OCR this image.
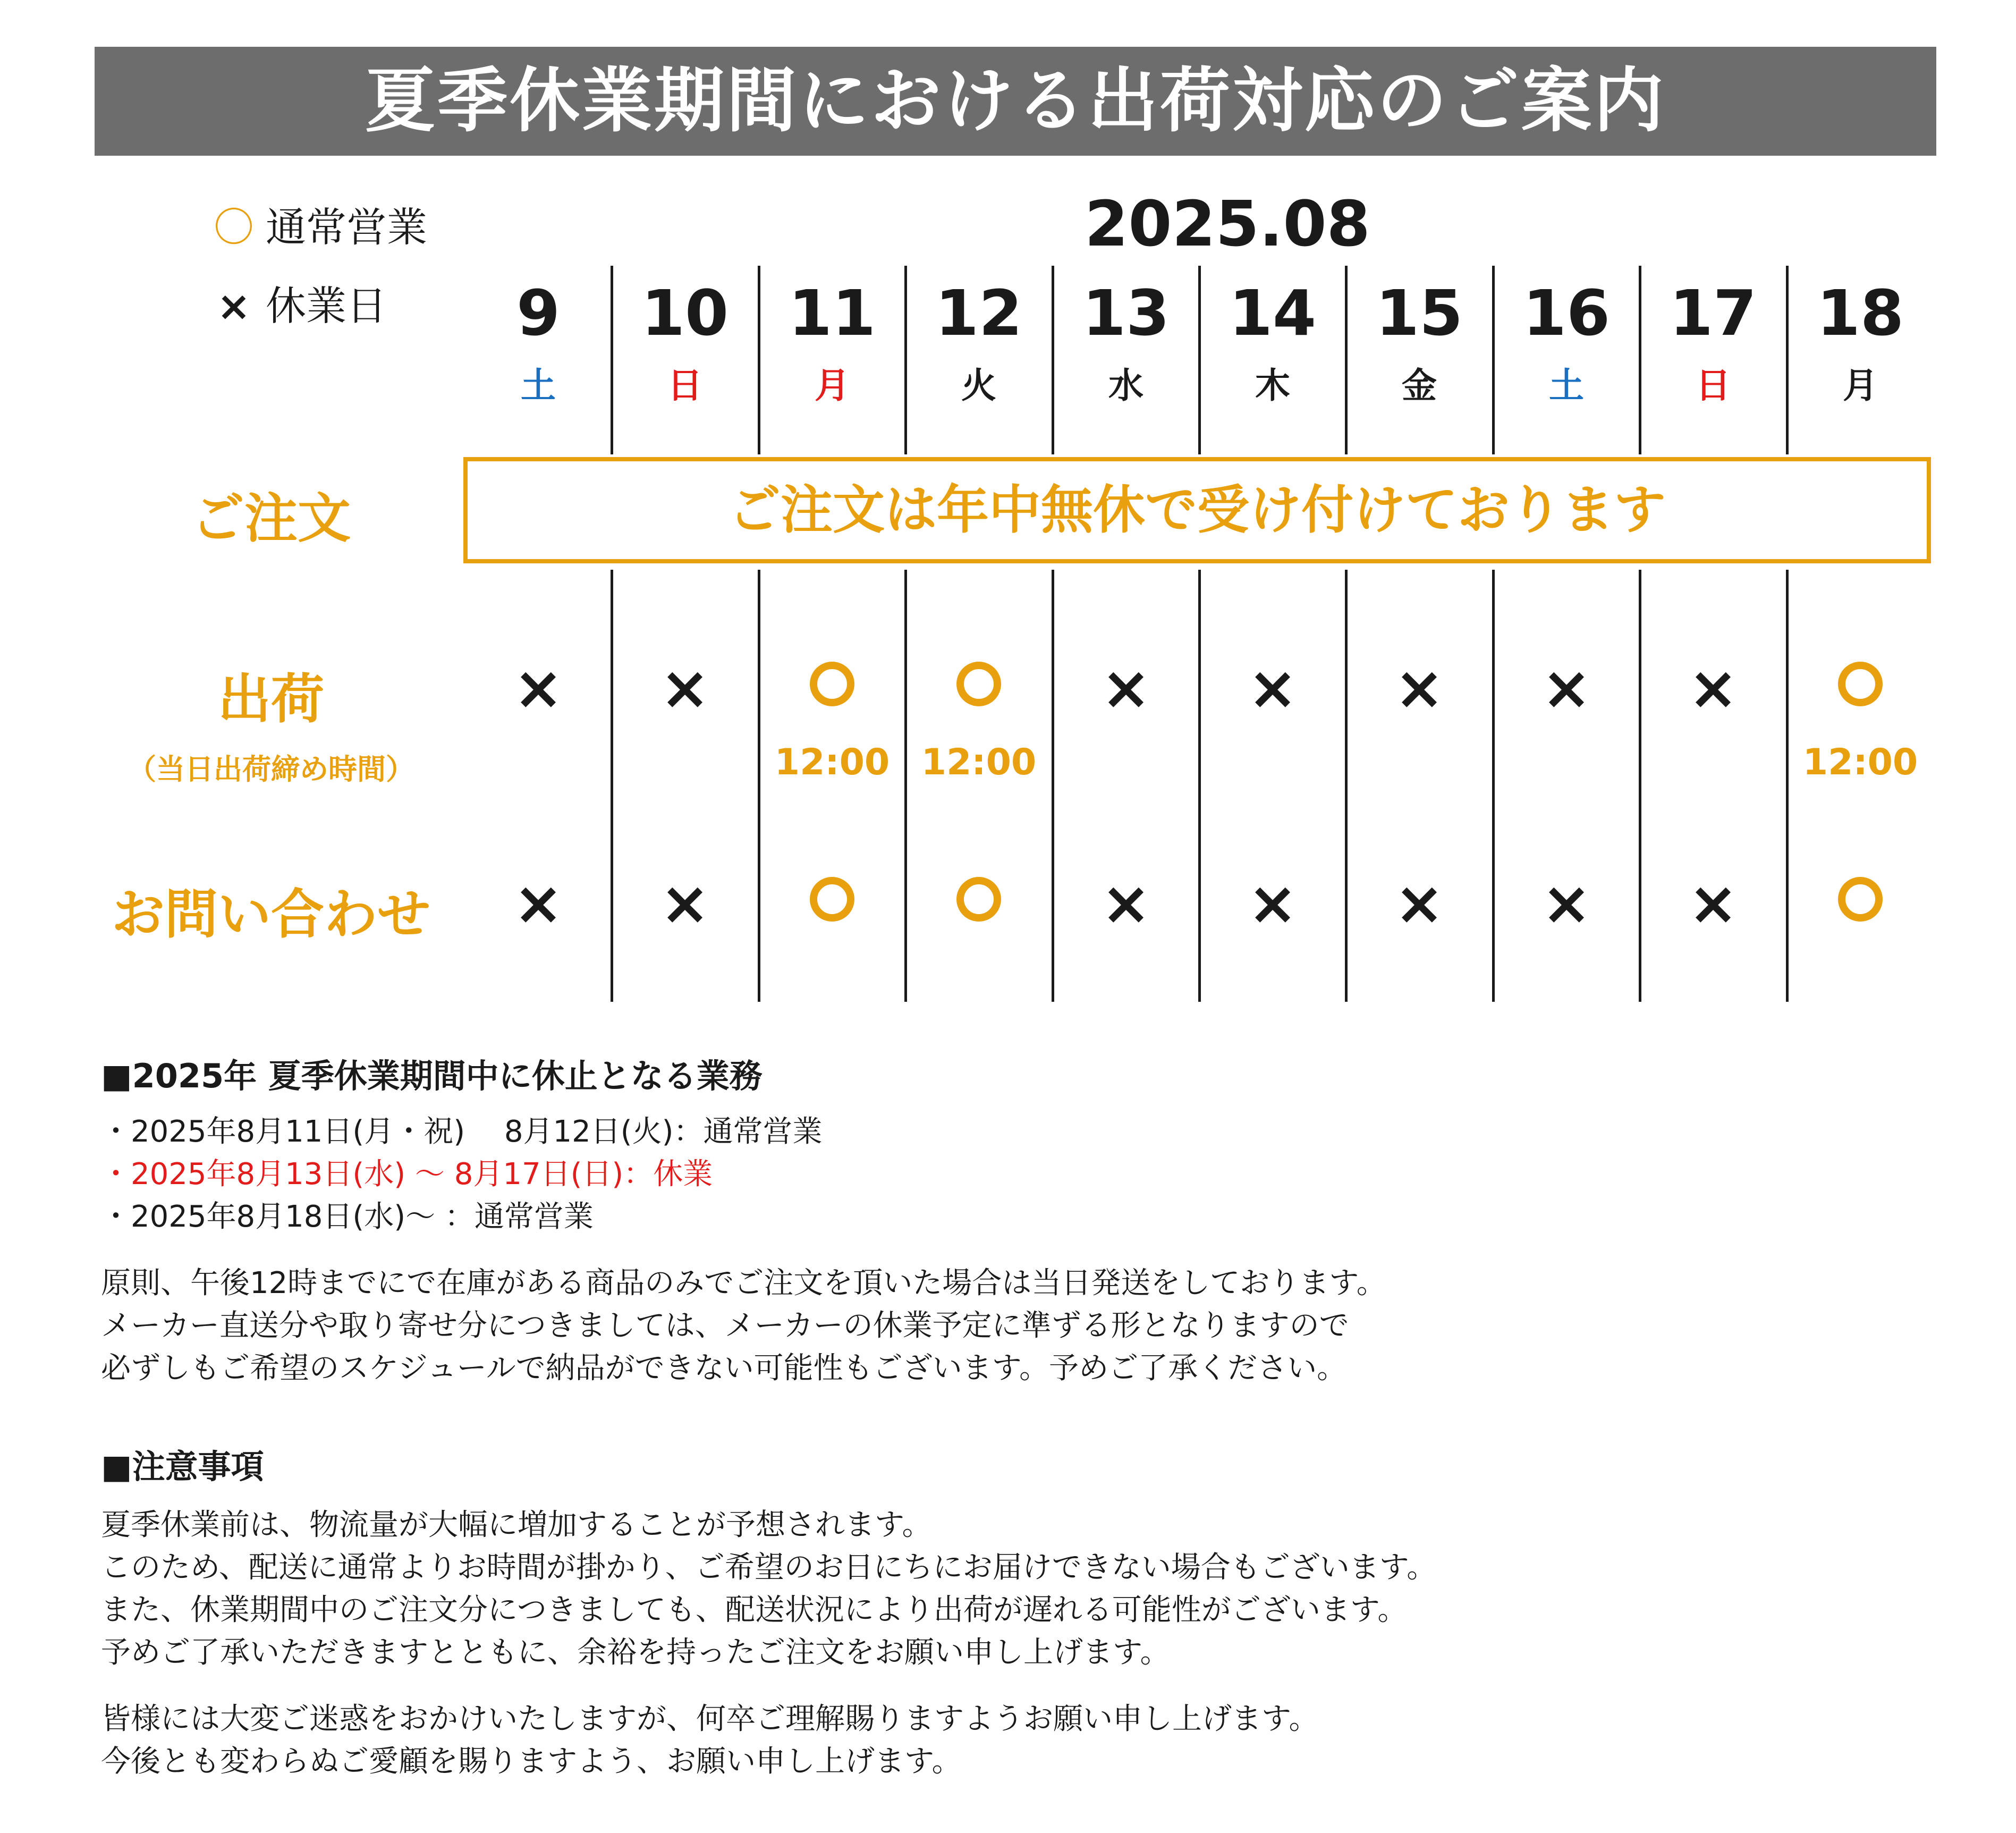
夏季休業期間における出荷対応のご案内
〇 通常営業
× 休業日
2025.08
9
土
×
×
10
日
×
×
11
月
12:00
12
火
12:00
13
水
×
×
14
木
×
×
15
金
×
×
16
土
×
×
17
日
×
×
18
月
12:00
ご注文	ご注文は年中無休で受け付けております
出荷
（当日出荷締め時間）
お問い合わせ
■2025年 夏季休業期間中に休止となる業務
・2025年8月11日(月・祝)　 8月12日(火)：通常営業
・2025年8月13日(水) 〜 8月17日(日)：休業
・2025年8月18日(水)〜 ：通常営業
原則、午後12時までにで在庫がある商品のみでご注文を頂いた場合は当日発送をしております。
メーカー直送分や取り寄せ分につきましては、メーカーの休業予定に準ずる形となりますので
必ずしもご希望のスケジュールで納品ができない可能性もございます。予めご了承ください。
■注意事項
夏季休業前は、物流量が大幅に増加することが予想されます。
このため、配送に通常よりお時間が掛かり、ご希望のお日にちにお届けできない場合もございます。
また、休業期間中のご注文分につきましても、配送状況により出荷が遅れる可能性がございます。
予めご了承いただきますとともに、余裕を持ったご注文をお願い申し上げます。
皆様には大変ご迷惑をおかけいたしますが、何卒ご理解賜りますようお願い申し上げます。
今後とも変わらぬご愛顧を賜りますよう、お願い申し上げます。
